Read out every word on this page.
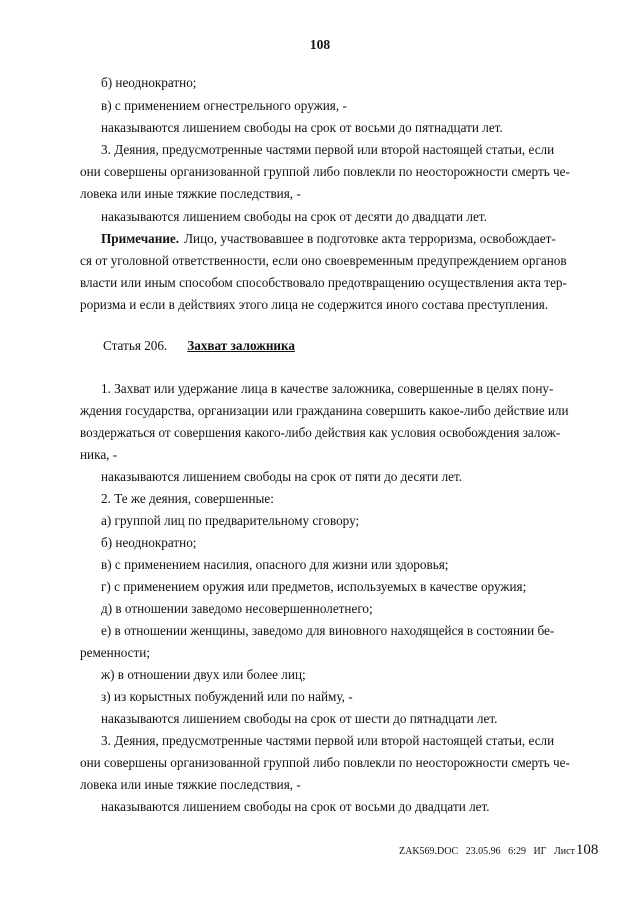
108
б) неоднократно;
в) с применением огнестрельного оружия, -
наказываются лишением свободы на срок от восьми до пятнадцати лет.
3. Деяния, предусмотренные частями первой или второй настоящей статьи, если
они совершены организованной группой либо повлекли по неосторожности смерть че-
ловека или иные тяжкие последствия, -
наказываются лишением свободы на срок от десяти до двадцати лет.
Примечание. Лицо, участвовавшее в подготовке акта терроризма, освобождает-
ся от уголовной ответственности, если оно своевременным предупреждением органов
власти или иным способом способствовало предотвращению осуществления акта тер-
роризма и если в действиях этого лица не содержится иного состава преступления.
1. Захват или удержание лица в качестве заложника, совершенные в целях пону-
ждения государства, организации или гражданина совершить какое-либо действие или
воздержаться от совершения какого-либо действия как условия освобождения залож-
ника, -
наказываются лишением свободы на срок от пяти до десяти лет.
2. Те же деяния, совершенные:
а) группой лиц по предварительному сговору;
б) неоднократно;
в) с применением насилия, опасного для жизни или здоровья;
г) с применением оружия или предметов, используемых в качестве оружия;
д) в отношении заведомо несовершеннолетнего;
е) в отношении женщины, заведомо для виновного находящейся в состоянии бе-
ременности;
ж) в отношении двух или более лиц;
з) из корыстных побуждений или по найму, -
наказываются лишением свободы на срок от шести до пятнадцати лет.
3. Деяния, предусмотренные частями первой или второй настоящей статьи, если
они совершены организованной группой либо повлекли по неосторожности смерть че-
ловека или иные тяжкие последствия, -
наказываются лишением свободы на срок от восьми до двадцати лет.
Статья 206. Захват заложника
ZAK569.DOC 23.05.96 6:29 ИГ Лист108
